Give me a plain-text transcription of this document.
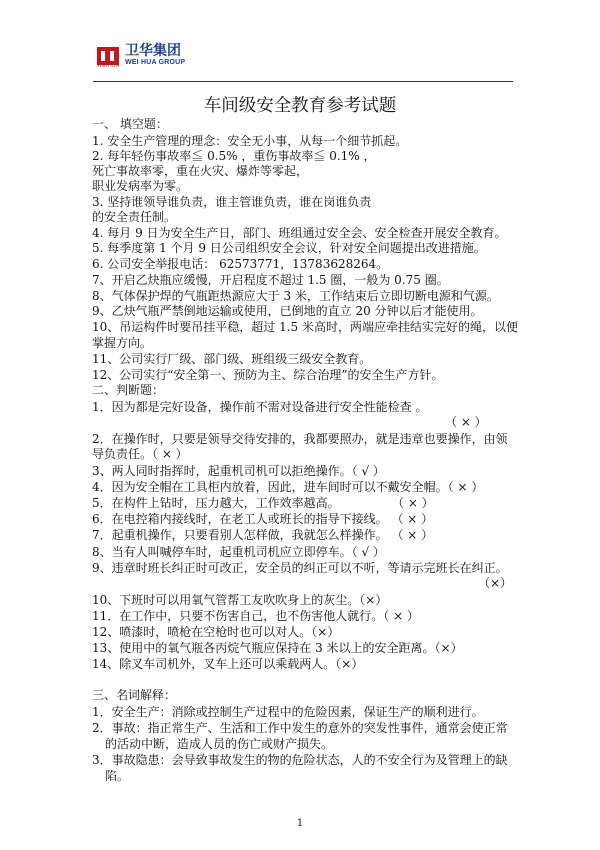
卫华集团
WEI HUA GROUP
WEIHUA
车间级安全教育参考试题
一、 填空题：
1. 安全生产管理的理念：安全无小事，从每一个细节抓起。
2. 每年轻伤事故率≦ 0.5% ，重伤事故率≦ 0.1% ，
死亡事故率零，重在火灾、爆炸等零起，
职业发病率为零。
3. 坚持谁领导谁负责，谁主管谁负责，谁在岗谁负责
的安全责任制。
4. 每月 9 日为安全生产日，部门、班组通过安全会、安全检查开展安全教育。
5. 每季度第 1 个月 9 日公司组织安全会议，针对安全问题提出改进措施。
6. 公司安全举报电话： 62573771，13783628264。
7、开启乙炔瓶应缓慢，开启程度不超过 1.5 圈，一般为 0.75 圈。
8、气体保护焊的气瓶距热源应大于 3 米，工作结束后立即切断电源和气源。
9、乙炔气瓶严禁倒地运输或使用，已倒地的直立 20 分钟以后才能使用。
10、吊运构件时要吊挂平稳，超过 1.5 米高时，两端应牵挂结实完好的绳，以便
掌握方向。
11、公司实行厂级、部门级、班组级三级安全教育。
12、公司实行“安全第一、预防为主、综合治理”的安全生产方针。
二、判断题：
1．因为都是完好设备，操作前不需对设备进行安全性能检查 。
（ × ）
2．在操作时，只要是领导交待安排的，我都要照办，就是违章也要操作，由领
导负责任。（ × ）
3、两人同时指挥时，起重机司机可以拒绝操作。（ √ ）
4．因为安全帽在工具柜内放着，因此，进车间时可以不戴安全帽。（ × ）
5．在构件上钻时，压力越大，工作效率越高。	（ × ）
6．在电控箱内接线时，在老工人或班长的指导下接线。 （ × ）
7．起重机操作，只要看别人怎样做，我就怎么样操作。 （ × ）
8、当有人叫喊停车时，起重机司机应立即停车。（ √ ）
9、违章时班长纠正时可改正，安全员的纠正可以不听，等请示完班长在纠正。
（×）
10、下班时可以用氧气管帮工友吹吹身上的灰尘。（×）
11．在工作中，只要不伤害自己，也不伤害他人就行。（ × ）
12、喷漆时，喷枪在空枪时也可以对人。（×）
13、使用中的氧气瓶各丙烷气瓶应保持在 3 米以上的安全距离。（×）
14、除叉车司机外，叉车上还可以乘载两人。（×）
三、名词解释：
1．安全生产：消除或控制生产过程中的危险因素，保证生产的顺利进行。
2．事故：指正常生产、生活和工作中发生的意外的突发性事件，通常会使正常
的活动中断，造成人员的伤亡或财产损失。
3．事故隐患：会导致事故发生的物的危险状态，人的不安全行为及管理上的缺
陷。
1
